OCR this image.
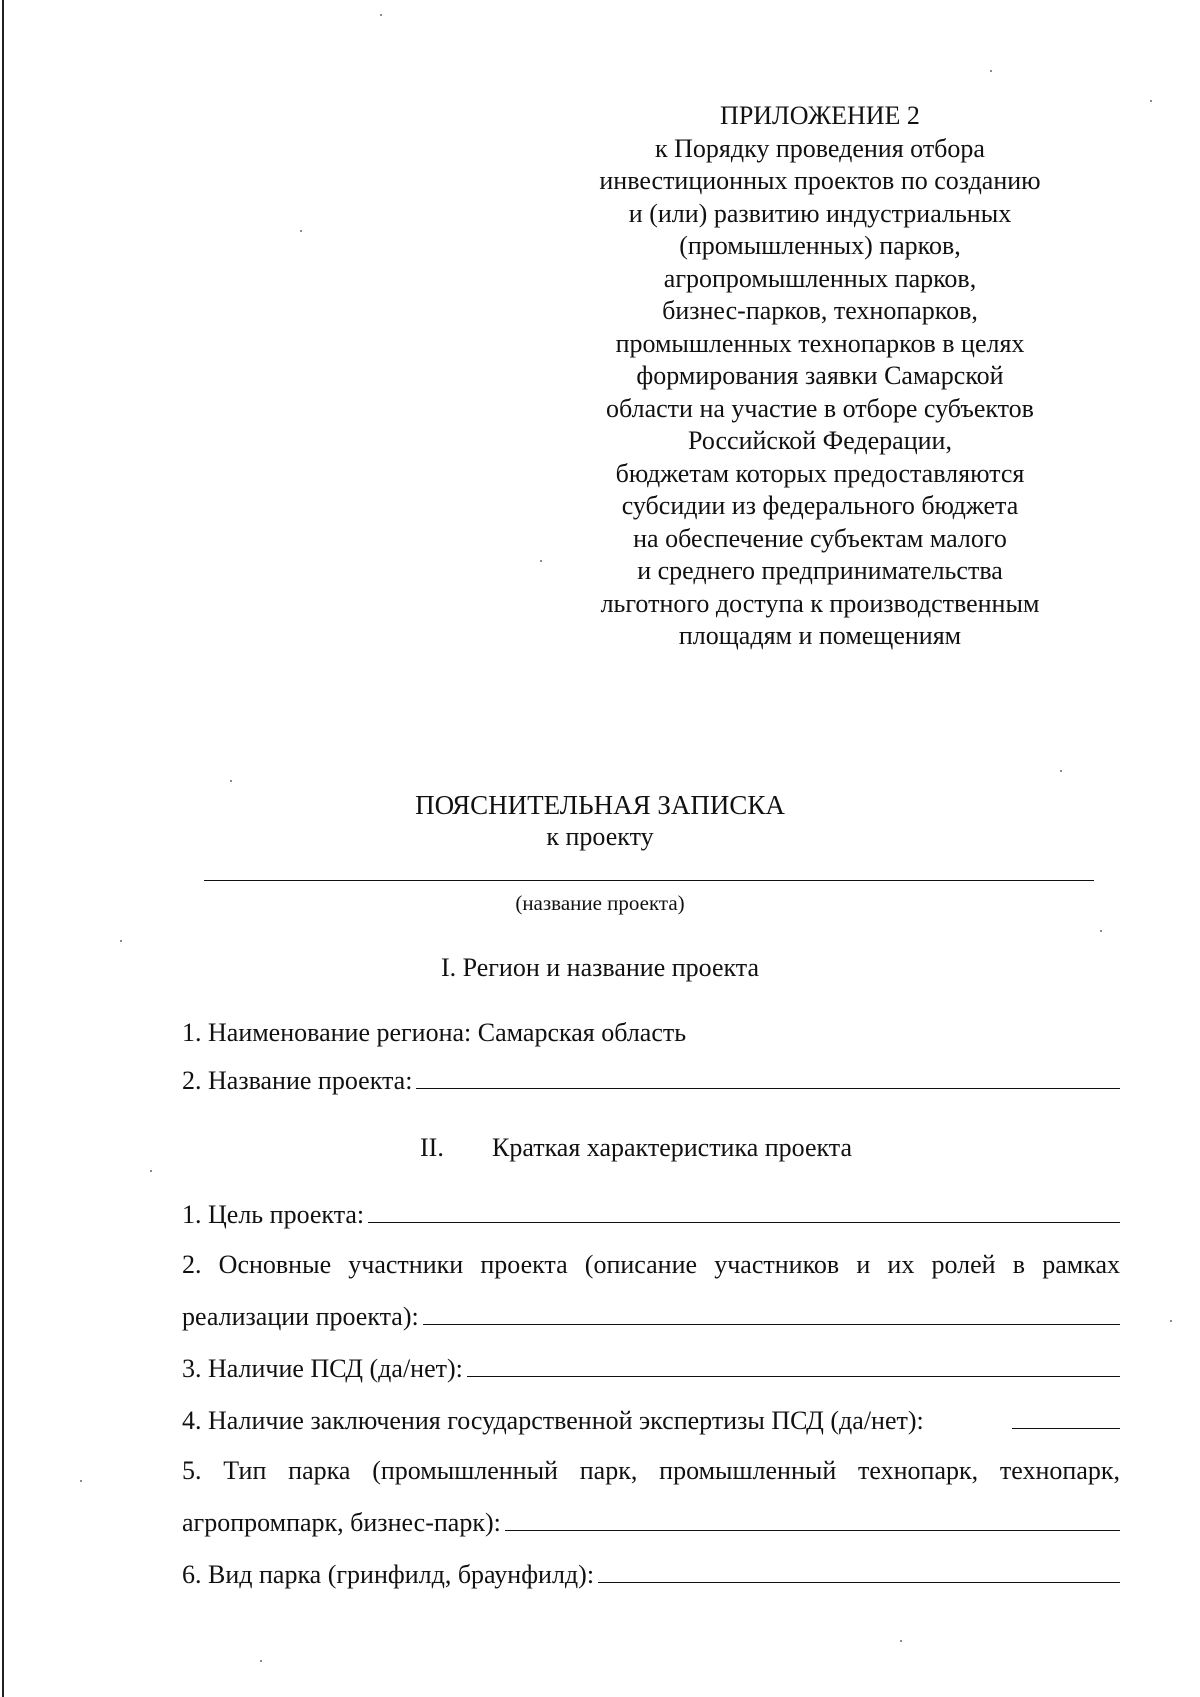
ПРИЛОЖЕНИЕ 2
к Порядку проведения отбора
инвестиционных проектов по созданию
и (или) развитию индустриальных
(промышленных) парков,
агропромышленных парков,
бизнес-парков, технопарков,
промышленных технопарков в целях
формирования заявки Самарской
области на участие в отборе субъектов
Российской Федерации,
бюджетам которых предоставляются
субсидии из федерального бюджета
на обеспечение субъектам малого
и среднего предпринимательства
льготного доступа к производственным
площадям и помещениям
ПОЯСНИТЕЛЬНАЯ ЗАПИСКА
к проекту
(название проекта)
I. Регион и название проекта
1. Наименование региона: Самарская область
2. Название проекта:
II. Краткая характеристика проекта
1. Цель проекта:
2. Основные участники проекта (описание участников и их ролей в рамках
реализации проекта):
3. Наличие ПСД (да/нет):
4. Наличие заключения государственной экспертизы ПСД (да/нет):
5. Тип парка (промышленный парк, промышленный технопарк, технопарк,
агропромпарк, бизнес-парк):
6. Вид парка (гринфилд, браунфилд):
